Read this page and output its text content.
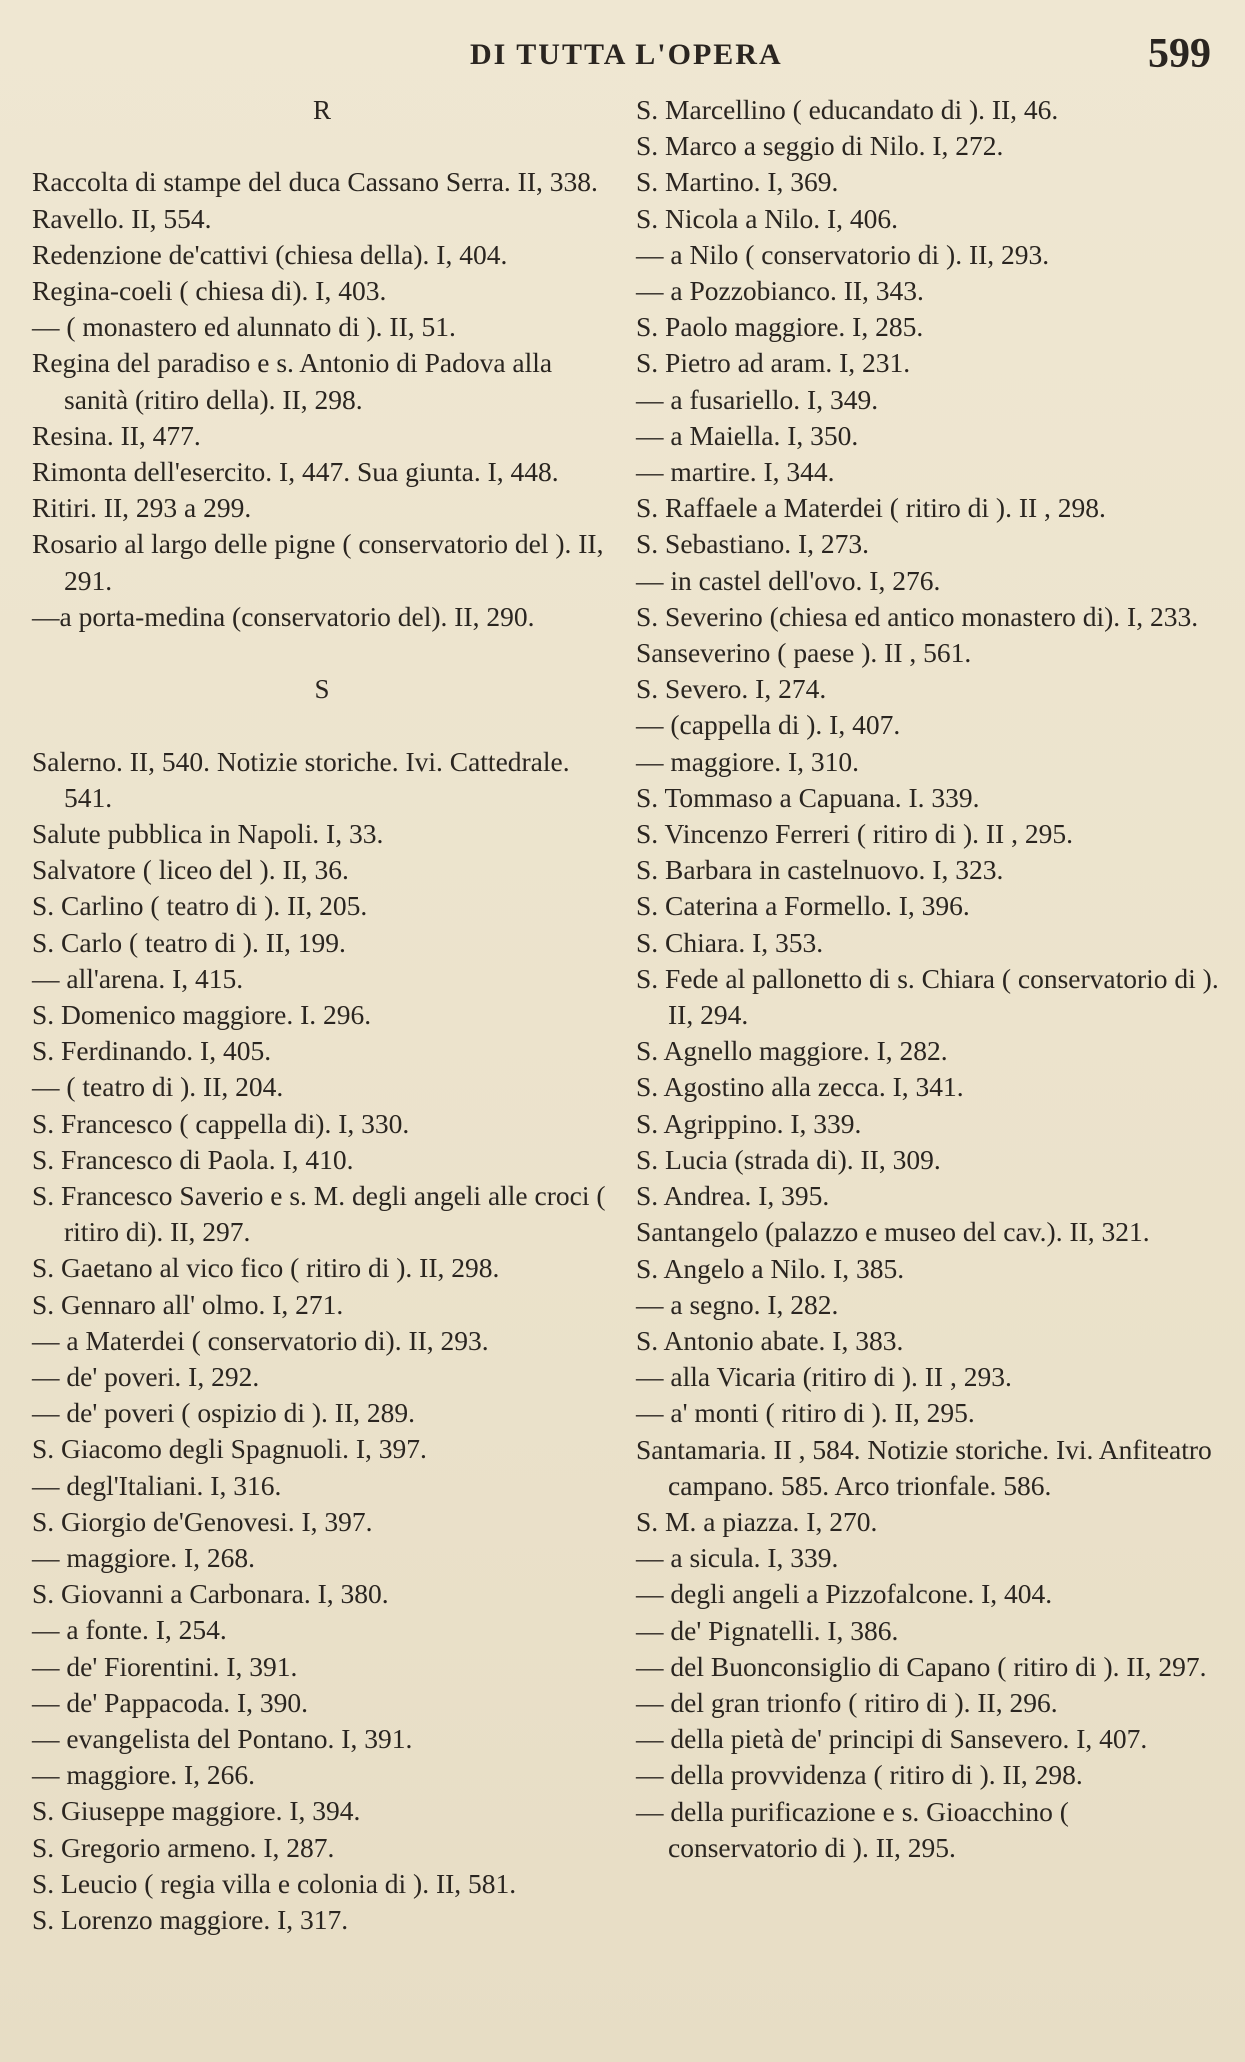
DI TUTTA L'OPERA	599
R

Raccolta di stampe del duca Cassano Serra. II, 338.

Ravello. II, 554.

Redenzione de'cattivi (chiesa della). I, 404.

Regina-coeli ( chiesa di). I, 403.

— ( monastero ed alunnato di ). II, 51.

Regina del paradiso e s. Antonio di Padova alla sanità (ritiro della). II, 298.

Resina. II, 477.

Rimonta dell'esercito. I, 447. Sua giunta. I, 448.

Ritiri. II, 293 a 299.

Rosario al largo delle pigne ( conservatorio del ). II, 291.

—a porta-medina (conservatorio del). II, 290.

S

Salerno. II, 540. Notizie storiche. Ivi. Cattedrale. 541.

Salute pubblica in Napoli. I, 33.

Salvatore ( liceo del ). II, 36.

S. Carlino ( teatro di ). II, 205.

S. Carlo ( teatro di ). II, 199.

— all'arena. I, 415.

S. Domenico maggiore. I. 296.

S. Ferdinando. I, 405.

— ( teatro di ). II, 204.

S. Francesco ( cappella di). I, 330.

S. Francesco di Paola. I, 410.

S. Francesco Saverio e s. M. degli angeli alle croci ( ritiro di). II, 297.

S. Gaetano al vico fico ( ritiro di ). II, 298.

S. Gennaro all' olmo. I, 271.

— a Materdei ( conservatorio di). II, 293.

— de' poveri. I, 292.

— de' poveri ( ospizio di ). II, 289.

S. Giacomo degli Spagnuoli. I, 397.

— degl'Italiani. I, 316.

S. Giorgio de'Genovesi. I, 397.

— maggiore. I, 268.

S. Giovanni a Carbonara. I, 380.

— a fonte. I, 254.

— de' Fiorentini. I, 391.

— de' Pappacoda. I, 390.

— evangelista del Pontano. I, 391.

— maggiore. I, 266.

S. Giuseppe maggiore. I, 394.

S. Gregorio armeno. I, 287.

S. Leucio ( regia villa e colonia di ). II, 581.

S. Lorenzo maggiore. I, 317.

S. Marcellino ( educandato di ). II, 46.

S. Marco a seggio di Nilo. I, 272.

S. Martino. I, 369.

S. Nicola a Nilo. I, 406.

— a Nilo ( conservatorio di ). II, 293.

— a Pozzobianco. II, 343.

S. Paolo maggiore. I, 285.

S. Pietro ad aram. I, 231.

— a fusariello. I, 349.

— a Maiella. I, 350.

— martire. I, 344.

S. Raffaele a Materdei ( ritiro di ). II , 298.

S. Sebastiano. I, 273.

— in castel dell'ovo. I, 276.

S. Severino (chiesa ed antico monastero di). I, 233.

Sanseverino ( paese ). II , 561.

S. Severo. I, 274.

— (cappella di ). I, 407.

— maggiore. I, 310.

S. Tommaso a Capuana. I. 339.

S. Vincenzo Ferreri ( ritiro di ). II , 295.

S. Barbara in castelnuovo. I, 323.

S. Caterina a Formello. I, 396.

S. Chiara. I, 353.

S. Fede al pallonetto di s. Chiara ( conservatorio di ). II, 294.

S. Agnello maggiore. I, 282.

S. Agostino alla zecca. I, 341.

S. Agrippino. I, 339.

S. Lucia (strada di). II, 309.

S. Andrea. I, 395.

Santangelo (palazzo e museo del cav.). II, 321.

S. Angelo a Nilo. I, 385.

— a segno. I, 282.

S. Antonio abate. I, 383.

— alla Vicaria (ritiro di ). II , 293.

— a' monti ( ritiro di ). II, 295.

Santamaria. II , 584. Notizie storiche. Ivi. Anfiteatro campano. 585. Arco trionfale. 586.

S. M. a piazza. I, 270.

— a sicula. I, 339.

— degli angeli a Pizzofalcone. I, 404.

— de' Pignatelli. I, 386.

— del Buonconsiglio di Capano ( ritiro di ). II, 297.

— del gran trionfo ( ritiro di ). II, 296.

— della pietà de' principi di Sansevero. I, 407.

— della provvidenza ( ritiro di ). II, 298.

— della purificazione e s. Gioacchino ( conservatorio di ). II, 295.
